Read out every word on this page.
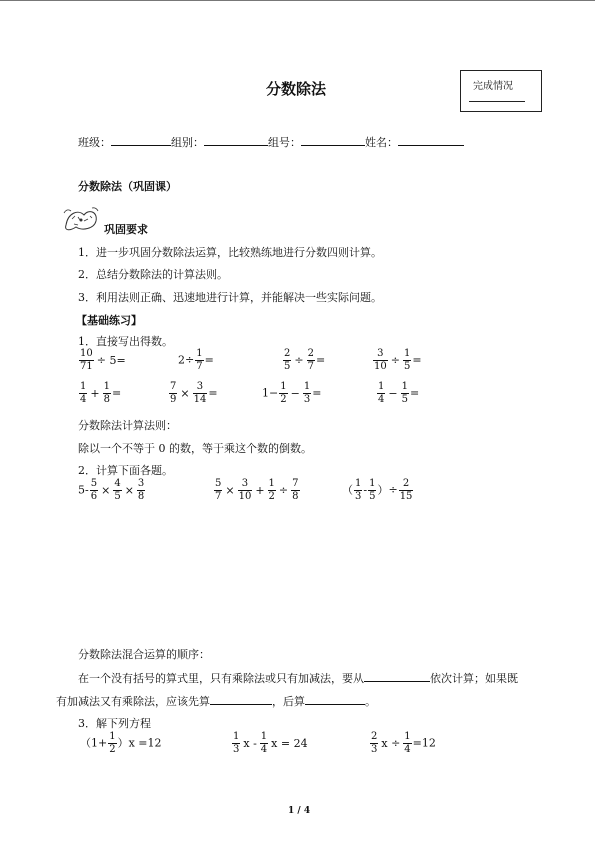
分数除法	完成情况
班级：	组别：	组号：	姓名：
分数除法（巩固课）
巩固要求
1．进一步巩固分数除法运算，比较熟练地进行分数四则计算。
2．总结分数除法的计算法则。
3．利用法则正确、迅速地进行计算，并能解决一些实际问题。
【基础练习】
1．直接写出得数。
$\frac{10}{71} \div 5=$	$2\div \frac{1}{7}$ =	$\frac{2}{5} \div \frac{2}{7}$ =	$\frac{3}{10} \div \frac{1}{5}$ =
$\frac{1}{4} + \frac{1}{8}$ =	$\frac{7}{9} \times \frac{3}{14}$ =	$1- \frac{1}{2} - \frac{1}{3}$ =	$\frac{1}{4} - \frac{1}{5}$ =
分数除法计算法则：
除以一个不等于 0 的数，等于乘这个数的倒数。
2．计算下面各题。
$5- \frac{5}{6} \times \frac{4}{5} \times \frac{3}{8}$	$\frac{5}{7} \times \frac{3}{10} + \frac{1}{2} \div \frac{7}{8}$	（ $\frac{1}{3} - \frac{1}{5}$ ）÷ $\frac{2}{15}$
分数除法混合运算的顺序：
在一个没有括号的算式里，只有乘除法或只有加减法，要从	依次计算；如果既
有加减法又有乘除法，应该先算	，后算	。
3．解下列方程
$(1+ \frac{1}{2} )x =12$	$\frac{1}{3}$ x - $\frac{1}{4}$ x = 24	$\frac{2}{3}$ $x \div \frac{1}{4} =12$
1 / 4
